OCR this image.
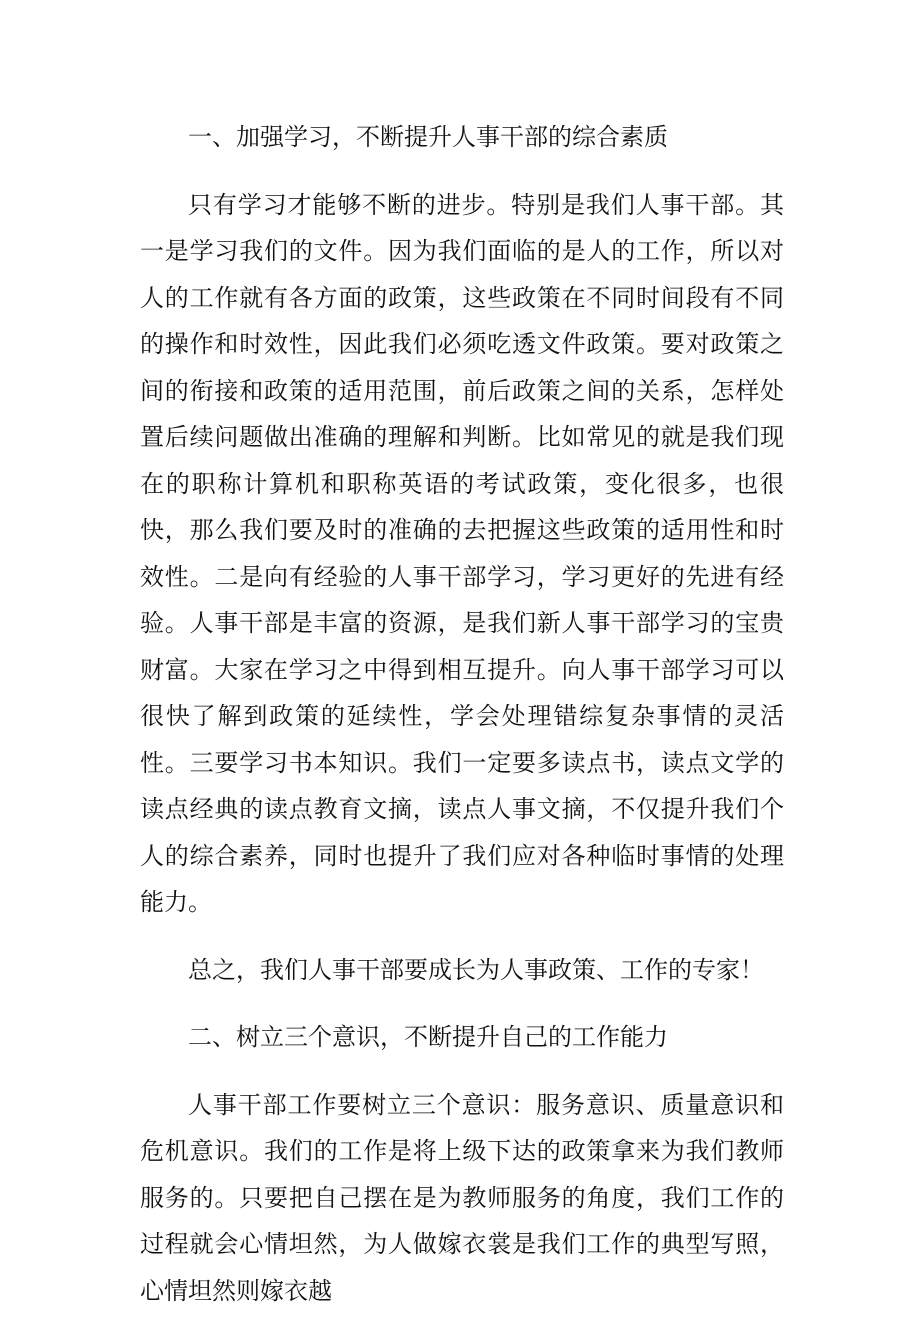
一、加强学习，不断提升人事干部的综合素质

只有学习才能够不断的进步。特别是我们人事干部。其一是学习我们的文件。因为我们面临的是人的工作，所以对人的工作就有各方面的政策，这些政策在不同时间段有不同的操作和时效性，因此我们必须吃透文件政策。要对政策之间的衔接和政策的适用范围，前后政策之间的关系，怎样处置后续问题做出准确的理解和判断。比如常见的就是我们现在的职称计算机和职称英语的考试政策，变化很多，也很快，那么我们要及时的准确的去把握这些政策的适用性和时效性。二是向有经验的人事干部学习，学习更好的先进有经验。人事干部是丰富的资源，是我们新人事干部学习的宝贵财富。大家在学习之中得到相互提升。向人事干部学习可以很快了解到政策的延续性，学会处理错综复杂事情的灵活性。三要学习书本知识。我们一定要多读点书，读点文学的读点经典的读点教育文摘，读点人事文摘，不仅提升我们个人的综合素养，同时也提升了我们应对各种临时事情的处理能力。

总之，我们人事干部要成长为人事政策、工作的专家！

二、树立三个意识，不断提升自己的工作能力

人事干部工作要树立三个意识：服务意识、质量意识和危机意识。我们的工作是将上级下达的政策拿来为我们教师服务的。只要把自己摆在是为教师服务的角度，我们工作的过程就会心情坦然，为人做嫁衣裳是我们工作的典型写照，心情坦然则嫁衣越
